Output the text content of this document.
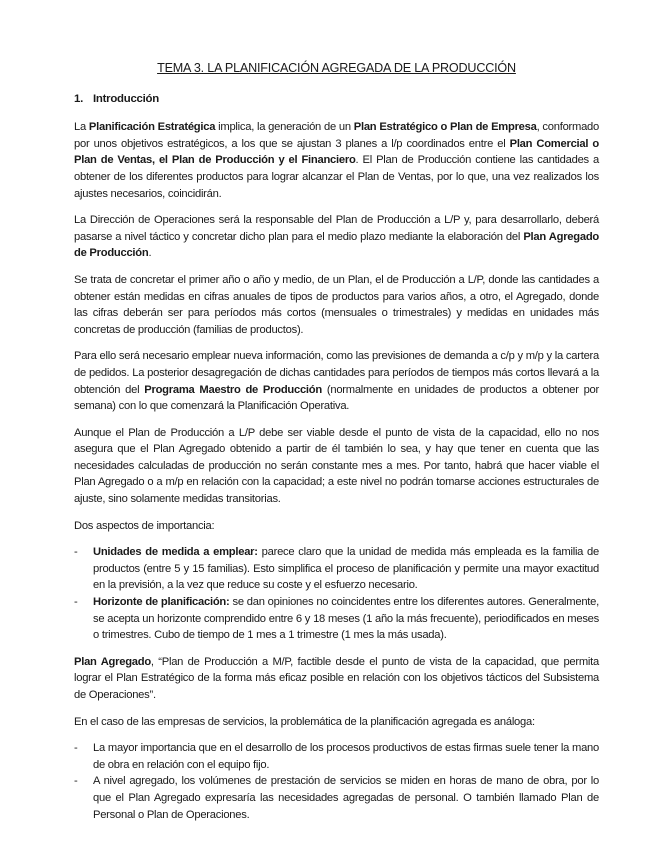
TEMA 3. LA PLANIFICACIÓN AGREGADA DE LA PRODUCCIÓN
1. Introducción

La Planificación Estratégica implica, la generación de un Plan Estratégico o Plan de Empresa, conformado por unos objetivos estratégicos, a los que se ajustan 3 planes a l/p coordinados entre el Plan Comercial o Plan de Ventas, el Plan de Producción y el Financiero. El Plan de Producción contiene las cantidades a obtener de los diferentes productos para lograr alcanzar el Plan de Ventas, por lo que, una vez realizados los ajustes necesarios, coincidirán.

La Dirección de Operaciones será la responsable del Plan de Producción a L/P y, para desarrollarlo, deberá pasarse a nivel táctico y concretar dicho plan para el medio plazo mediante la elaboración del Plan Agregado de Producción.

Se trata de concretar el primer año o año y medio, de un Plan, el de Producción a L/P, donde las cantidades a obtener están medidas en cifras anuales de tipos de productos para varios años, a otro, el Agregado, donde las cifras deberán ser para períodos más cortos (mensuales o trimestrales) y medidas en unidades más concretas de producción (familias de productos).

Para ello será necesario emplear nueva información, como las previsiones de demanda a c/p y m/p y la cartera de pedidos. La posterior desagregación de dichas cantidades para períodos de tiempos más cortos llevará a la obtención del Programa Maestro de Producción (normalmente en unidades de productos a obtener por semana) con lo que comenzará la Planificación Operativa.

Aunque el Plan de Producción a L/P debe ser viable desde el punto de vista de la capacidad, ello no nos asegura que el Plan Agregado obtenido a partir de él también lo sea, y hay que tener en cuenta que las necesidades calculadas de producción no serán constante mes a mes. Por tanto, habrá que hacer viable el Plan Agregado o a m/p en relación con la capacidad; a este nivel no podrán tomarse acciones estructurales de ajuste, sino solamente medidas transitorias.

Dos aspectos de importancia:

- Unidades de medida a emplear: parece claro que la unidad de medida más empleada es la familia de productos (entre 5 y 15 familias). Esto simplifica el proceso de planificación y permite una mayor exactitud en la previsión, a la vez que reduce su coste y el esfuerzo necesario.
- Horizonte de planificación: se dan opiniones no coincidentes entre los diferentes autores. Generalmente, se acepta un horizonte comprendido entre 6 y 18 meses (1 año la más frecuente), periodificados en meses o trimestres. Cubo de tiempo de 1 mes a 1 trimestre (1 mes la más usada).

Plan Agregado, “Plan de Producción a M/P, factible desde el punto de vista de la capacidad, que permita lograr el Plan Estratégico de la forma más eficaz posible en relación con los objetivos tácticos del Subsistema de Operaciones”.

En el caso de las empresas de servicios, la problemática de la planificación agregada es análoga:

- La mayor importancia que en el desarrollo de los procesos productivos de estas firmas suele tener la mano de obra en relación con el equipo fijo.
- A nivel agregado, los volúmenes de prestación de servicios se miden en horas de mano de obra, por lo que el Plan Agregado expresaría las necesidades agregadas de personal. O también llamado Plan de Personal o Plan de Operaciones.
